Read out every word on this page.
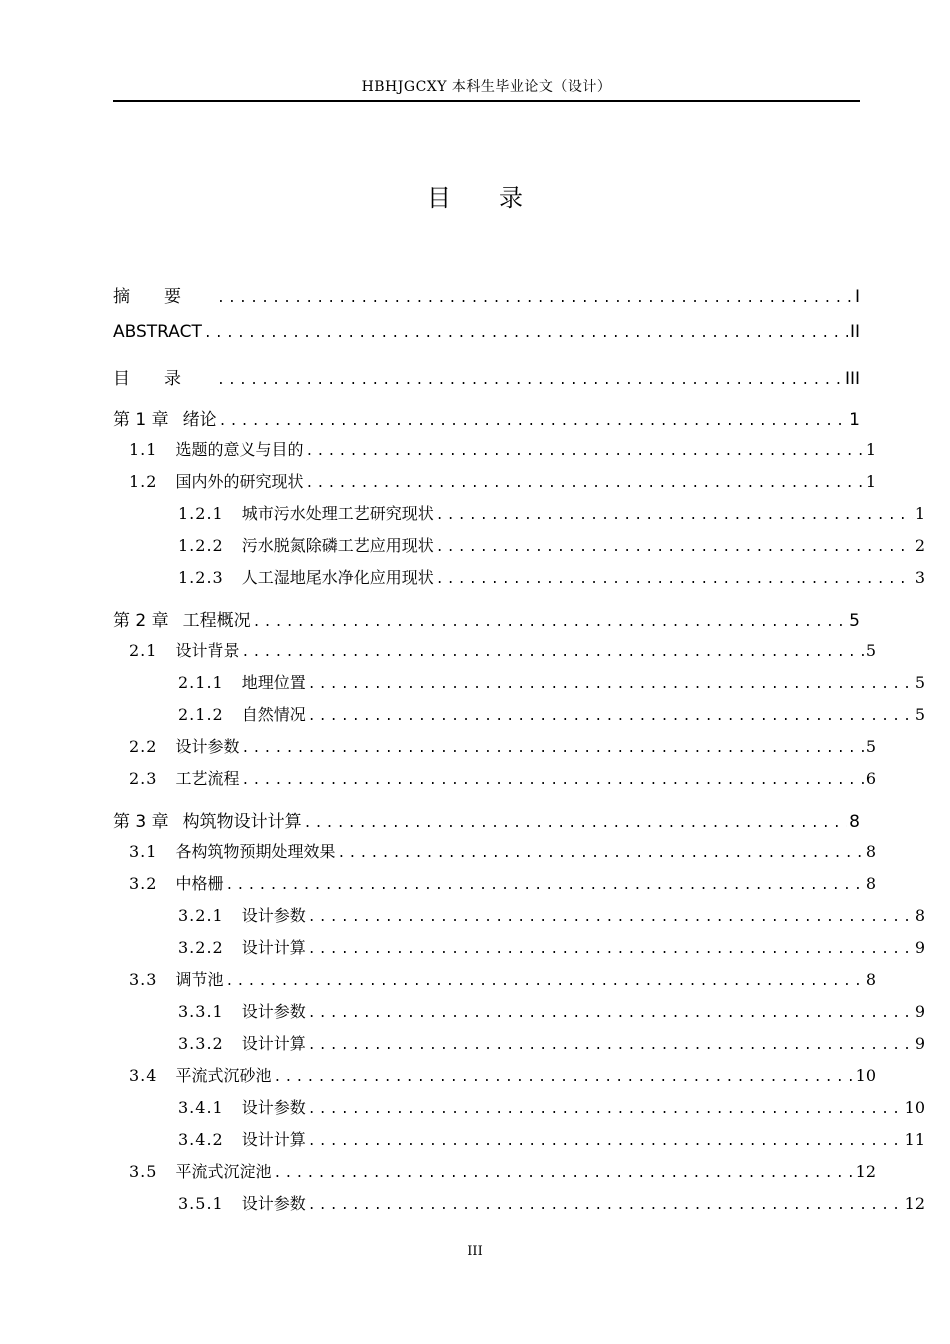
HBHJGCXY 本科生毕业论文（设计）
目录
摘要 .....	I
ABSTRACT .....	II
目录 .....	III
第 1 章 绪论 .....	1
1.1 选题的意义与目的 .....	1
1.2 国内外的研究现状 .....	1
1.2.1 城市污水处理工艺研究现状 .....	1
1.2.2 污水脱氮除磷工艺应用现状 .....	2
1.2.3 人工湿地尾水净化应用现状 .....	3
第 2 章 工程概况 .....	5
2.1 设计背景 .....	5
2.1.1 地理位置 .....	5
2.1.2 自然情况 .....	5
2.2 设计参数 .....	5
2.3 工艺流程 .....	6
第 3 章 构筑物设计计算 .....	8
3.1 各构筑物预期处理效果 .....	8
3.2 中格栅 .....	8
3.2.1 设计参数 .....	8
3.2.2 设计计算 .....	9
3.3 调节池 .....	8
3.3.1 设计参数 .....	9
3.3.2 设计计算 .....	9
3.4 平流式沉砂池 .....	10
3.4.1 设计参数 .....	10
3.4.2 设计计算 .....	11
3.5 平流式沉淀池 .....	12
3.5.1 设计参数 .....	12
III
